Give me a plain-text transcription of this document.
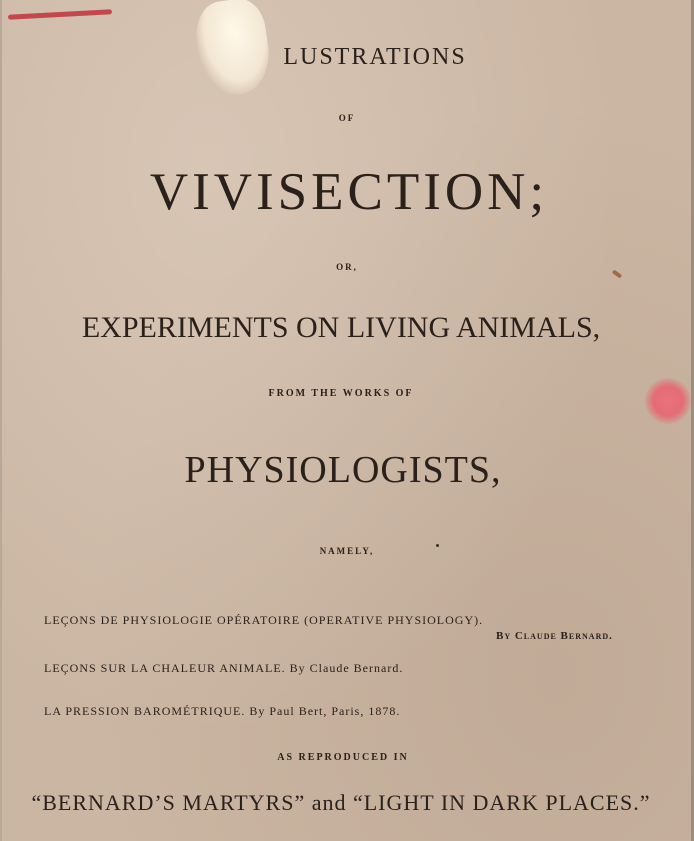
LUSTRATIONS

OF

VIVISECTION;

OR,

EXPERIMENTS ON LIVING ANIMALS,

FROM THE WORKS OF

PHYSIOLOGISTS,

NAMELY,

LEÇONS DE PHYSIOLOGIE OPÉRATOIRE (OPERATIVE PHYSIOLOGY).

By Claude Bernard.

LEÇONS SUR LA CHALEUR ANIMALE. By Claude Bernard.

LA PRESSION BAROMÉTRIQUE. By Paul Bert, Paris, 1878.

AS REPRODUCED IN

“BERNARD’S MARTYRS” and “LIGHT IN DARK PLACES.”
